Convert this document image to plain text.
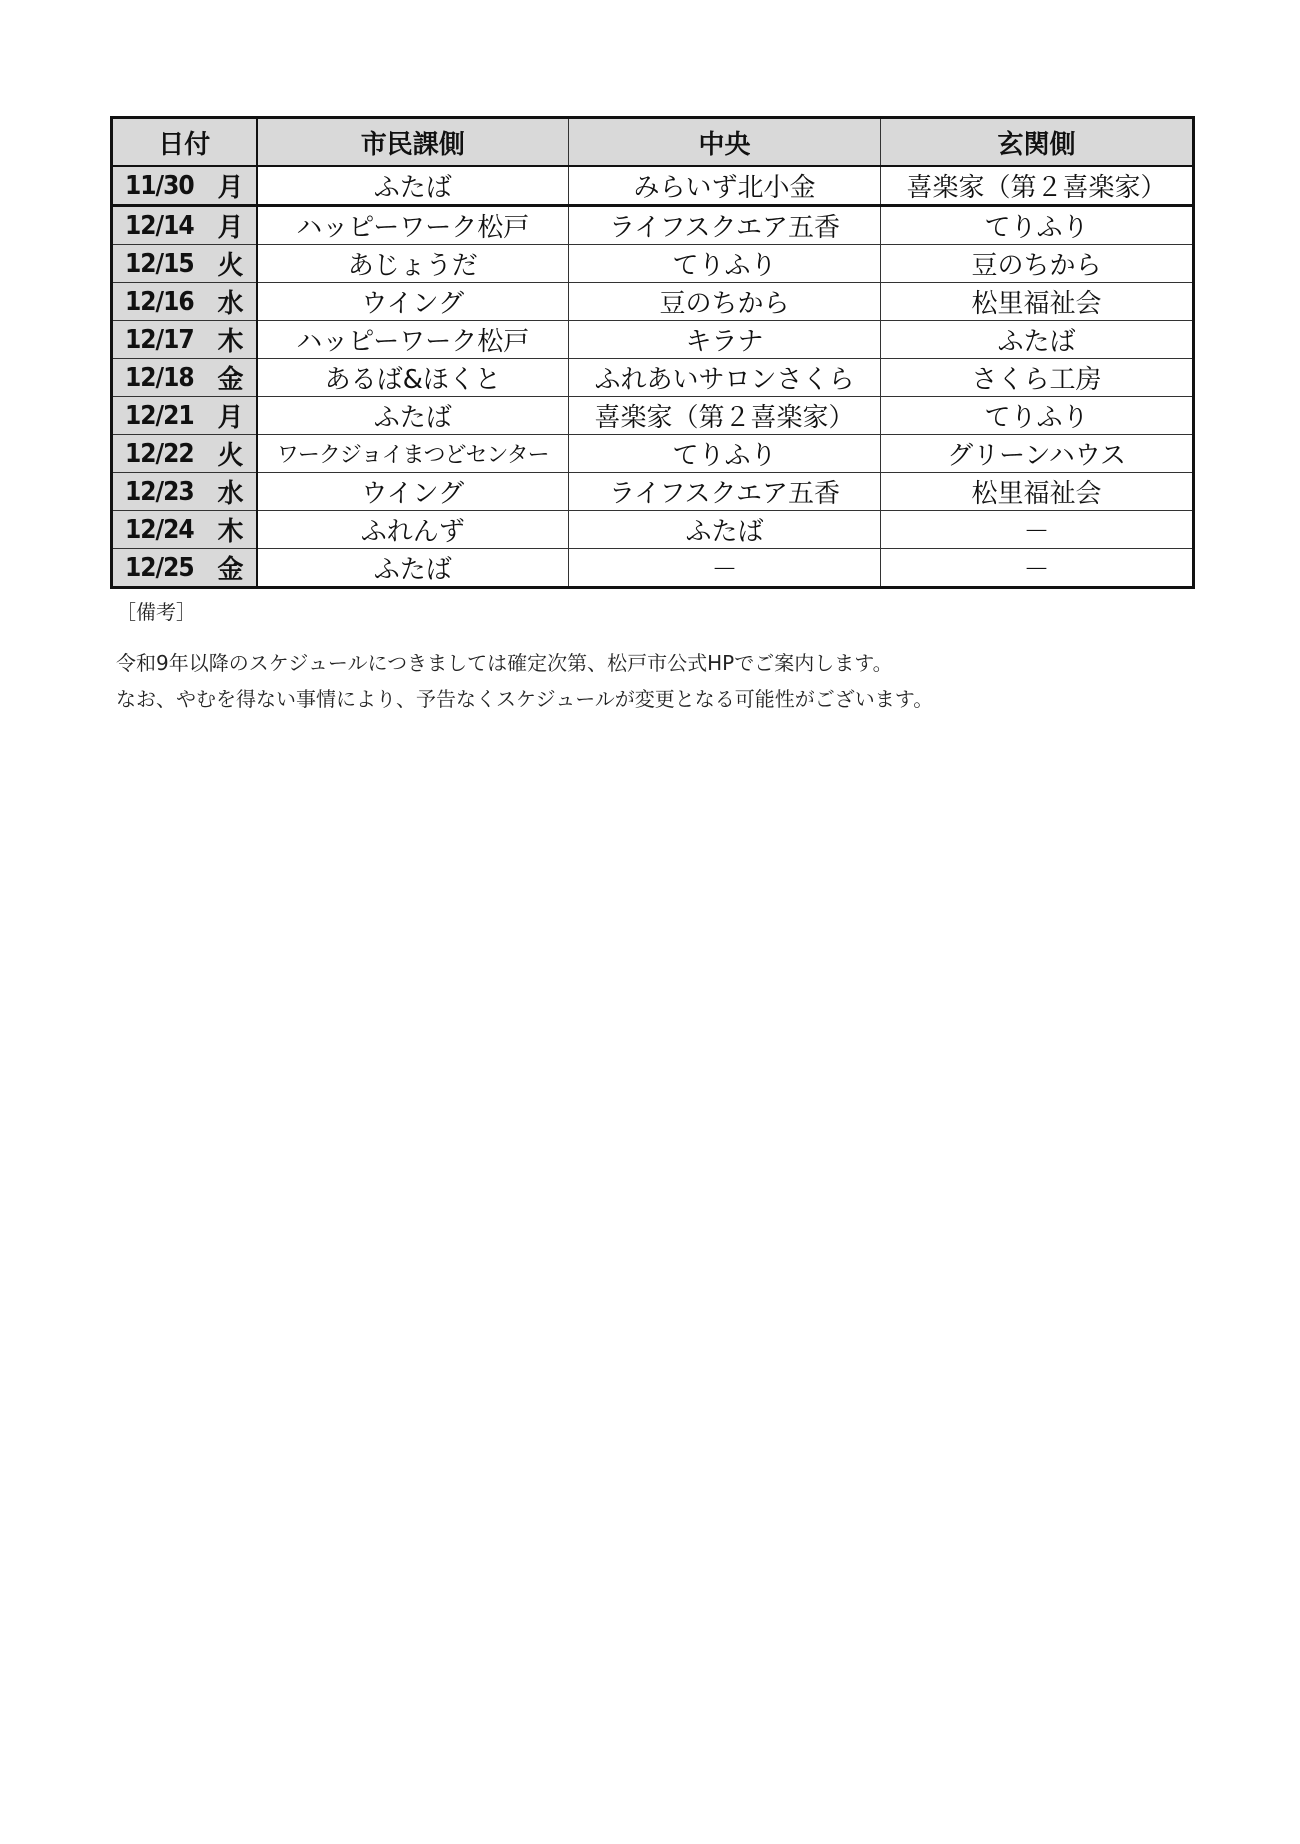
日付		市民課側	中央	玄関側
11/30	月	ふたば	みらいず北小金	喜楽家（第２喜楽家）
12/14	月	ハッピーワーク松戸	ライフスクエア五香	てりふり
12/15	火	あじょうだ	てりふり	豆のちから
12/16	水	ウイング	豆のちから	松里福祉会
12/17	木	ハッピーワーク松戸	キラナ	ふたば
12/18	金	あるば&ほくと	ふれあいサロンさくら	さくら工房
12/21	月	ふたば	喜楽家（第２喜楽家）	てりふり
12/22	火	ワークジョイまつどセンター	てりふり	グリーンハウス
12/23	水	ウイング	ライフスクエア五香	松里福祉会
12/24	木	ふれんず	ふたば	－
12/25	金	ふたば	－	－
［備考］
令和9年以降のスケジュールにつきましては確定次第、松戸市公式HPでご案内します。
なお、やむを得ない事情により、予告なくスケジュールが変更となる可能性がございます。
